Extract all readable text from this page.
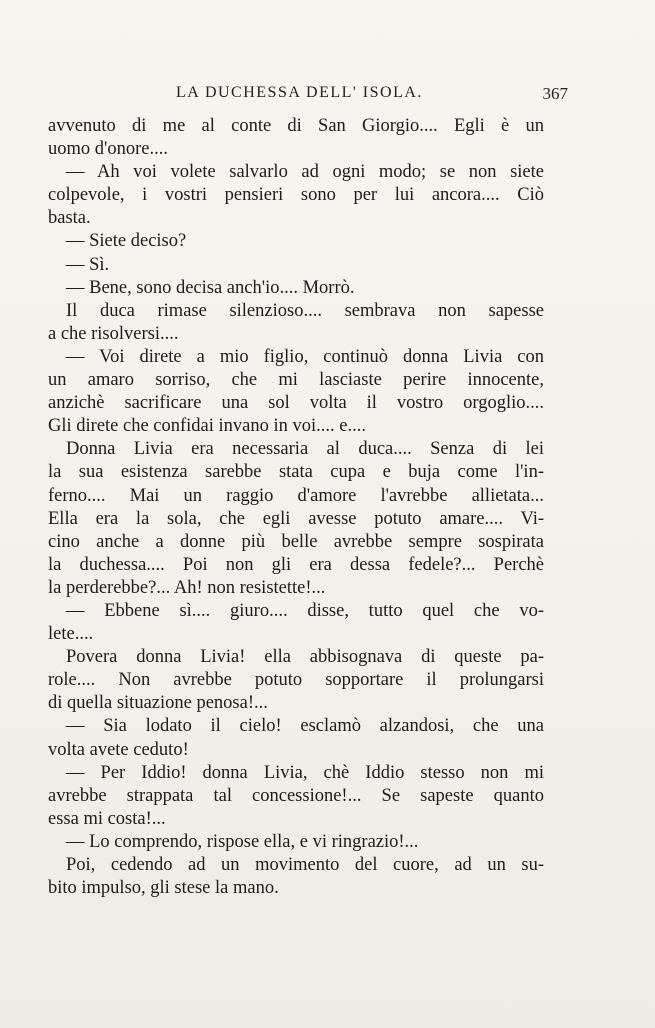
LA DUCHESSA DELL' ISOLA.	367
avvenuto di me al conte di San Giorgio.... Egli è un
uomo d'onore....
— Ah voi volete salvarlo ad ogni modo; se non siete
colpevole, i vostri pensieri sono per lui ancora.... Ciò
basta.
— Siete deciso?
— Sì.
— Bene, sono decisa anch'io.... Morrò.
Il duca rimase silenzioso.... sembrava non sapesse
a che risolversi....
— Voi direte a mio figlio, continuò donna Livia con
un amaro sorriso, che mi lasciaste perire innocente,
anzichè sacrificare una sol volta il vostro orgoglio....
Gli direte che confidai invano in voi.... e....
Donna Livia era necessaria al duca.... Senza di lei
la sua esistenza sarebbe stata cupa e buja come l'in-
ferno.... Mai un raggio d'amore l'avrebbe allietata...
Ella era la sola, che egli avesse potuto amare.... Vi-
cino anche a donne più belle avrebbe sempre sospirata
la duchessa.... Poi non gli era dessa fedele?... Perchè
la perderebbe?... Ah! non resistette!...
— Ebbene sì.... giuro.... disse, tutto quel che vo-
lete....
Povera donna Livia! ella abbisognava di queste pa-
role.... Non avrebbe potuto sopportare il prolungarsi
di quella situazione penosa!...
— Sia lodato il cielo! esclamò alzandosi, che una
volta avete ceduto!
— Per Iddio! donna Livia, chè Iddio stesso non mi
avrebbe strappata tal concessione!... Se sapeste quanto
essa mi costa!...
— Lo comprendo, rispose ella, e vi ringrazio!...
Poi, cedendo ad un movimento del cuore, ad un su-
bito impulso, gli stese la mano.
